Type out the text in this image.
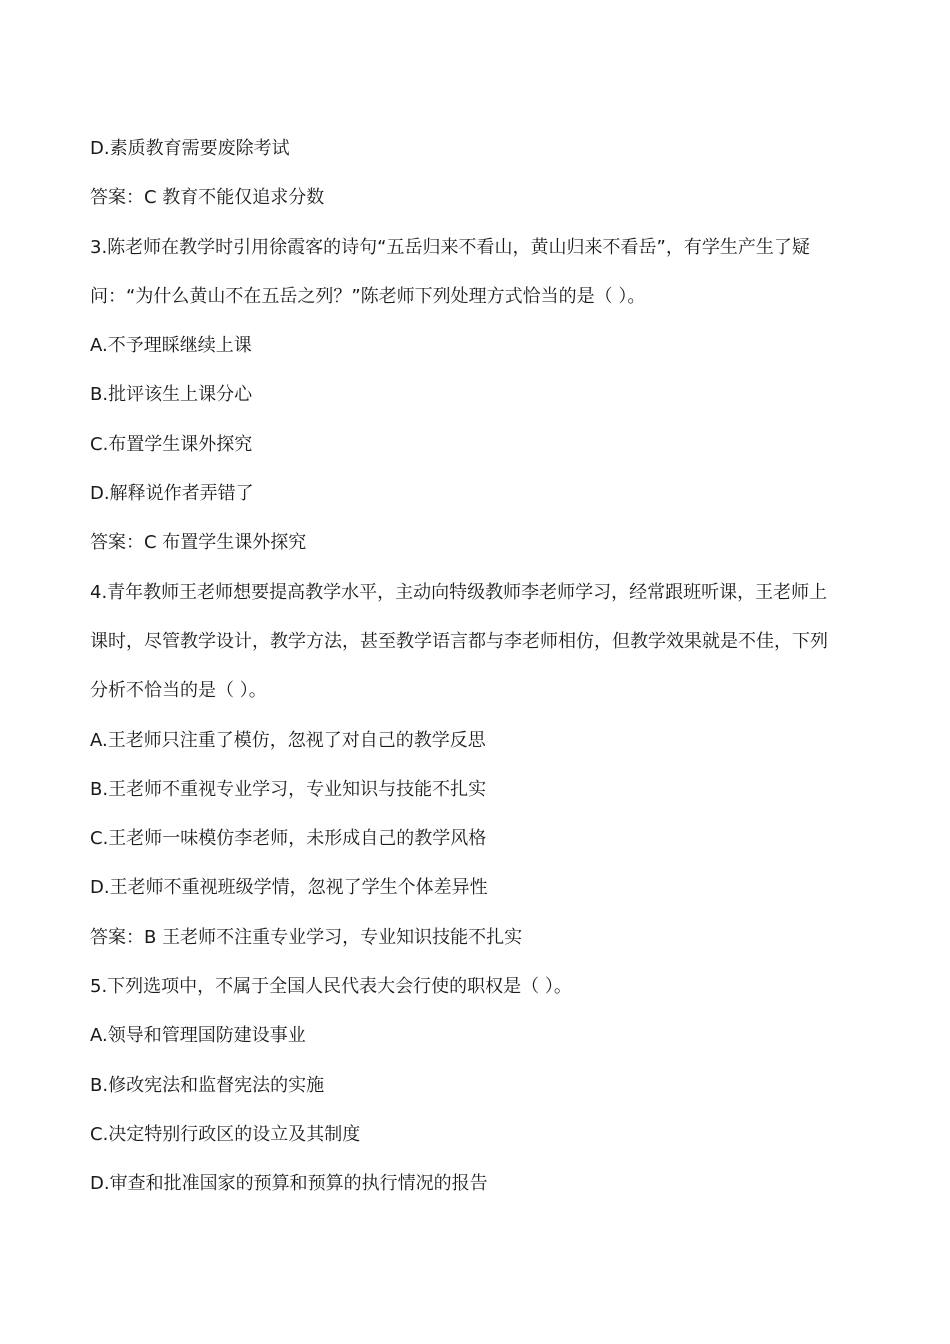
D.素质教育需要废除考试
答案：C 教育不能仅追求分数
3.陈老师在教学时引用徐霞客的诗句“五岳归来不看山，黄山归来不看岳”，有学生产生了疑
问：“为什么黄山不在五岳之列？”陈老师下列处理方式恰当的是（ ）。
A.不予理睬继续上课
B.批评该生上课分心
C.布置学生课外探究
D.解释说作者弄错了
答案：C 布置学生课外探究
4.青年教师王老师想要提高教学水平，主动向特级教师李老师学习，经常跟班听课，王老师上
课时，尽管教学设计，教学方法，甚至教学语言都与李老师相仿，但教学效果就是不佳，下列
分析不恰当的是（ ）。
A.王老师只注重了模仿，忽视了对自己的教学反思
B.王老师不重视专业学习，专业知识与技能不扎实
C.王老师一味模仿李老师，未形成自己的教学风格
D.王老师不重视班级学情，忽视了学生个体差异性
答案：B 王老师不注重专业学习，专业知识技能不扎实
5.下列选项中，不属于全国人民代表大会行使的职权是（ ）。
A.领导和管理国防建设事业
B.修改宪法和监督宪法的实施
C.决定特别行政区的设立及其制度
D.审查和批准国家的预算和预算的执行情况的报告
